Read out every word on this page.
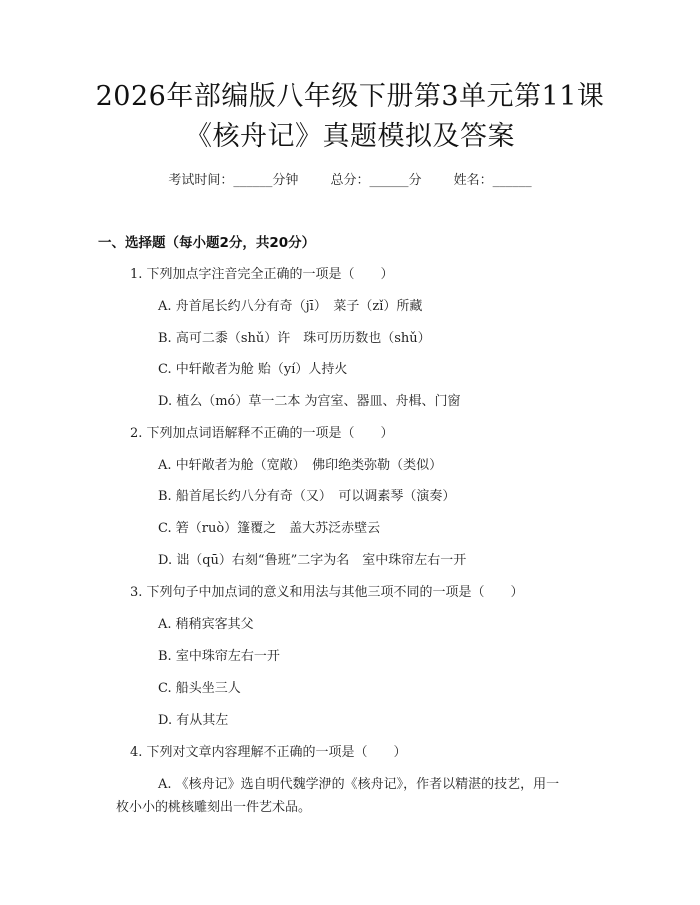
2026年部编版八年级下册第3单元第11课
《核舟记》真题模拟及答案
考试时间：______分钟 总分：______分 姓名：______
一、选择题（每小题2分，共20分）
1. 下列加点字注音完全正确的一项是（　　）
A. 舟首尾长约八分有奇（jī）　菜子（zǐ）所藏
B. 高可二黍（shǔ）许　珠可历历数也（shǔ）
C. 中轩敞者为舱 贻（yí）人持火
D. 植么（mó）草一二本 为宫室、器皿、舟楫、门窗
2. 下列加点词语解释不正确的一项是（　　）
A. 中轩敞者为舱（宽敞）　佛印绝类弥勒（类似）
B. 船首尾长约八分有奇（又）　可以调素琴（演奏）
C. 箬（ruò）篷覆之　盖大苏泛赤壁云
D. 诎（qū）右刻“鲁班”二字为名　室中珠帘左右一开
3. 下列句子中加点词的意义和用法与其他三项不同的一项是（　　）
A. 稍稍宾客其父
B. 室中珠帘左右一开
C. 船头坐三人
D. 有从其左
4. 下列对文章内容理解不正确的一项是（　　）
A. 《核舟记》选自明代魏学洢的《核舟记》，作者以精湛的技艺，用一
枚小小的桃核雕刻出一件艺术品。
